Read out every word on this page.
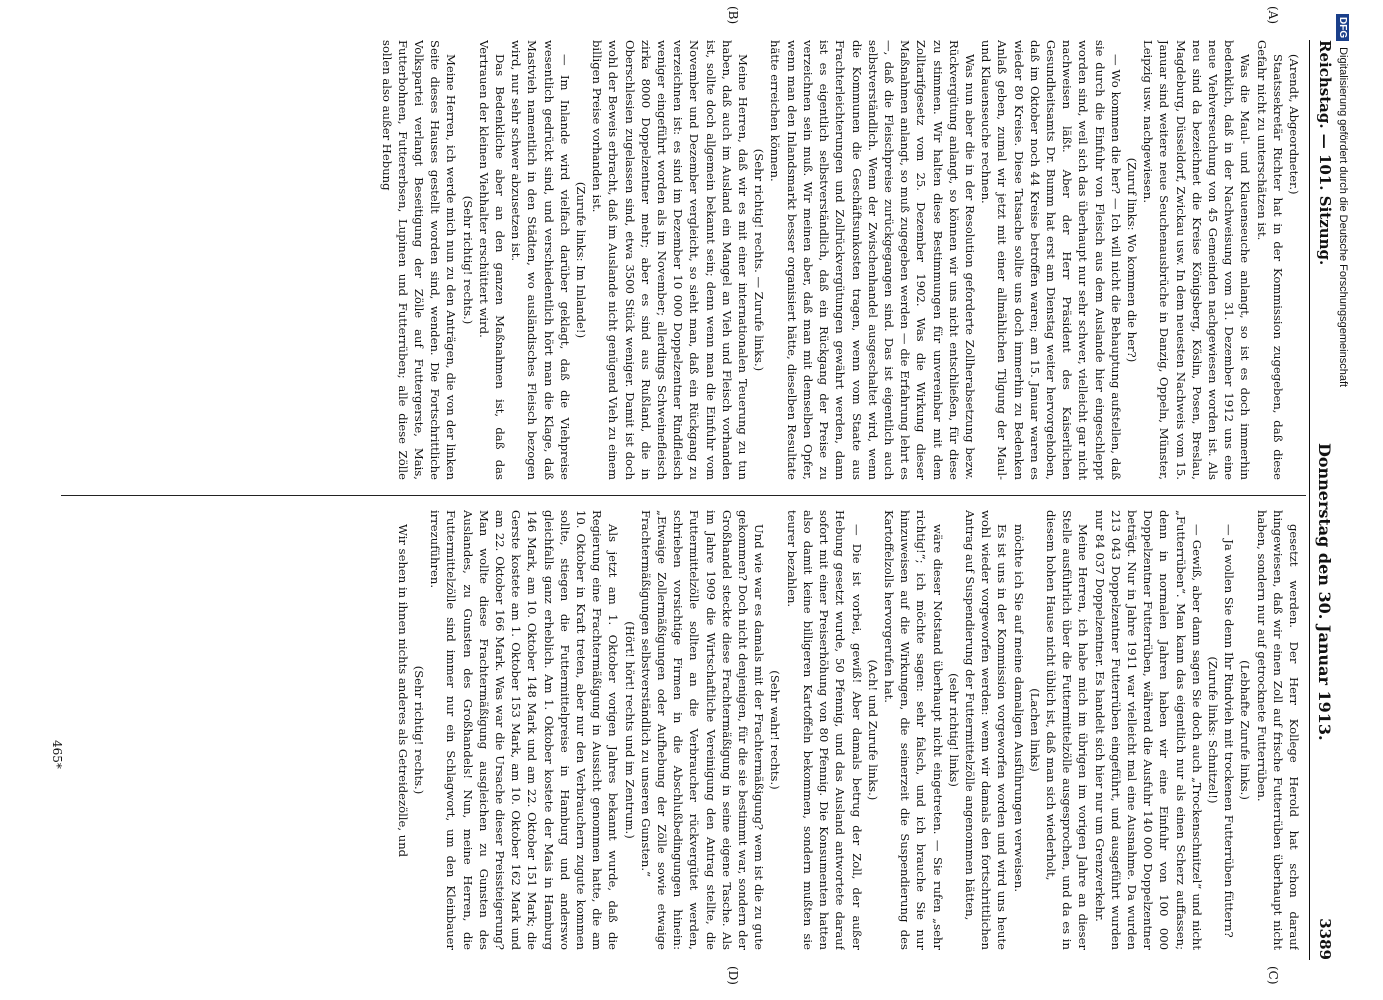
Reichstag. — 101. Sitzung.
Donnerstag den 30. Januar 1913.
3389

(Arendt, Abgeordneter.)

Staatssekretär Richter hat in der Kommission zugegeben, daß diese Gefahr nicht zu unterschätzen ist.

Was die Maul- und Klauenseuche anlangt, so ist es doch immerhin bedenklich, daß in der Nachweisung vom 31. Dezember 1912 uns eine neue Viehverseuchung von 45 Gemeinden nachgewiesen worden ist. Als neu sind da bezeichnet die Kreise Königsberg, Köslin, Posen, Breslau, Magdeburg, Düsseldorf, Zwickau usw. In dem neuesten Nachweis vom 15. Januar sind weitere neue Seuchenausbrüche in Danzig, Oppeln, Münster, Leipzig usw. nachgewiesen.

(Zuruf links: Wo kommen die her?)

— Wo kommen die her? — Ich will nicht die Behauptung aufstellen, daß sie durch die Einfuhr von Fleisch aus dem Auslande hier eingeschleppt worden sind, weil sich das überhaupt nur sehr schwer, vielleicht gar nicht nachweisen läßt. Aber der Herr Präsident des Kaiserlichen Gesundheitsamts Dr. Bumm hat erst am Dienstag weiter hervorgehoben, daß im Oktober noch 44 Kreise betroffen waren; am 15. Januar waren es wieder 80 Kreise. Diese Tatsache sollte uns doch immerhin zu Bedenken Anlaß geben, zumal wir jetzt mit einer allmählichen Tilgung der Maul- und Klauenseuche rechnen.

Was nun aber die in der Resolution geforderte Zollherabsetzung bezw. Rückvergütung anlangt, so können wir uns nicht entschließen, für diese zu stimmen. Wir halten diese Bestimmungen für unvereinbar mit dem Zolltarifgesetz vom 25. Dezember 1902. Was die Wirkung dieser Maßnahmen anlangt, so muß zugegeben werden — die Erfahrung lehrt es —, daß die Fleischpreise zurückgegangen sind. Das ist eigentlich auch selbstverständlich. Wenn der Zwischenhandel ausgeschaltet wird, wenn die Kommunen die Geschäftsunkosten tragen, wenn vom Staate aus Frachterleichterungen und Zollrückvergütungen gewährt werden, dann ist es eigentlich selbstverständlich, daß ein Rückgang der Preise zu verzeichnen sein muß. Wir meinen aber, daß man mit demselben Opfer, wenn man den Inlandsmarkt besser organisiert hätte, dieselben Resultate hätte erreichen können.

(Sehr richtig! rechts. — Zurufe links.)

Meine Herren, daß wir es mit einer internationalen Teuerung zu tun haben, daß auch im Ausland ein Mangel an Vieh und Fleisch vorhanden ist, sollte doch allgemein bekannt sein; denn wenn man die Einfuhr vom November und Dezember vergleicht, so sieht man, daß ein Rückgang zu verzeichnen ist: es sind im Dezember 10 000 Doppelzentner Rindfleisch weniger eingeführt worden als im November; allerdings Schweinefleisch zirka 8000 Doppelzentner mehr; aber es sind aus Rußland, die in Oberschlesien zugelassen sind, etwa 3500 Stück weniger. Damit ist doch wohl der Beweis erbracht, daß im Auslande nicht genügend Vieh zu einem billigen Preise vorhanden ist.

(Zurufe links: Im Inlande!)

— Im Inlande wird vielfach darüber geklagt, daß die Viehpreise wesentlich gedrückt sind, und verschiedentlich hört man die Klage, daß Mastvieh namentlich in den Städten, wo ausländisches Fleisch bezogen wird, nur sehr schwer abzusetzen ist.

Das Bedenkliche aber an den ganzen Maßnahmen ist, daß das Vertrauen der kleinen Viehhalter erschüttert wird.

(Sehr richtig! rechts.)

Meine Herren, ich werde mich nun zu den Anträgen, die von der linken Seite dieses Hauses gestellt worden sind, wenden. Die Fortschrittliche Volkspartei verlangt Beseitigung der Zölle auf Futtergerste, Mais, Futterbohnen, Futtererbsen, Lupinen und Futterrüben; alle diese Zölle sollen also außer Hebung

gesetzt werden. Der Herr Kollege Herold hat schon darauf hingewiesen, daß wir einen Zoll auf frische Futterrüben überhaupt nicht haben, sondern nur auf getrocknete Futterrüben.

(Lebhafte Zurufe links.)

— Ja wollen Sie denn Ihr Rindvieh mit trockenen Futterrüben füttern?

(Zurufe links: Schnitzel!)

— Gewiß, aber dann sagen Sie doch auch „Trockenschnitzel“ und nicht „Futterrüben“. Man kann das eigentlich nur als einen Scherz auffassen; denn in normalen Jahren haben wir eine Einfuhr von 100 000 Doppelzentner Futterrüben, während die Ausfuhr 140 000 Doppelzentner beträgt. Nur in Jahre 1911 war vielleicht mal eine Ausnahme. Da wurden 213 043 Doppelzentner Futterrüben eingeführt, und ausgeführt wurden nur 84 037 Doppelzentner. Es handelt sich hier nur um Grenzverkehr.

Meine Herren, ich habe mich im übrigen im vorigen Jahre an dieser Stelle ausführlich über die Futtermittelzölle ausgesprochen, und da es in diesem hohen Hause nicht üblich ist, daß man sich wiederholt,

(Lachen links)

möchte ich Sie auf meine damaligen Ausführungen verweisen.

Es ist uns in der Kommission vorgeworfen worden und wird uns heute wohl wieder vorgeworfen werden: wenn wir damals den fortschrittlichen Antrag auf Suspendierung der Futtermittelzölle angenommen hätten,

(sehr richtig! links)

wäre dieser Notstand überhaupt nicht eingetreten. — Sie rufen „sehr richtig!“; ich möchte sagen: sehr falsch, und ich brauche Sie nur hinzuweisen auf die Wirkungen, die seinerzeit die Suspendierung des Kartoffelzolls hervorgerufen hat.

(Ach! und Zurufe links.)

— Die ist vorbei, gewiß! Aber damals betrug der Zoll, der außer Hebung gesetzt wurde, 50 Pfennig, und das Ausland antwortete darauf sofort mit einer Preiserhöhung von 80 Pfennig. Die Konsumenten hatten also damit keine billigeren Kartoffeln bekommen, sondern mußten sie teurer bezahlen.

(Sehr wahr! rechts.)

Und wie war es damals mit der Frachtermäßigung? wem ist die zu gute gekommen? Doch nicht denjenigen, für die sie bestimmt war, sondern der Großhandel steckte diese Frachtermäßigung in seine eigene Tasche. Als im Jahre 1909 die Wirtschaftliche Vereinigung den Antrag stellte, die Futtermittelzölle sollten an die Verbraucher rückvergütet werden, schrieben vorsichtige Firmen in die Abschlußbedingungen hinein: „Etwaige Zollermäßigungen oder Aufhebung der Zölle sowie etwaige Frachtermäßigungen selbstverständlich zu unseren Gunsten.“

(Hört! hört! rechts und im Zentrum.)

Als jetzt am 1. Oktober vorigen Jahres bekannt wurde, daß die Regierung eine Frachtermäßigung in Aussicht genommen hatte, die am 10. Oktober in Kraft treten, aber nur den Verbrauchern zugute kommen sollte, stiegen die Futtermittelpreise in Hamburg und anderswo gleichfalls ganz erheblich. Am 1. Oktober kostete der Mais in Hamburg 146 Mark, am 10. Oktober 148 Mark und am 22. Oktober 151 Mark; die Gerste kostete am 1. Oktober 153 Mark, am 10. Oktober 162 Mark und am 22. Oktober 166 Mark. Was war die Ursache dieser Preissteigerung? Man wollte diese Frachtermäßigung ausgleichen zu Gunsten des Auslandes, zu Gunsten des Großhandels! Nun, meine Herren, die Futtermittelzölle sind immer nur ein Schlagwort, um den Kleinbauer irrezuführen.

(Sehr richtig! rechts.)

Wir sehen in ihnen nichts anderes als Getreidezölle, und

(A)
(B)
(C)
(D)
465*
DFG
Digitalisierung gefördert durch die Deutsche Forschungsgemeinschaft
